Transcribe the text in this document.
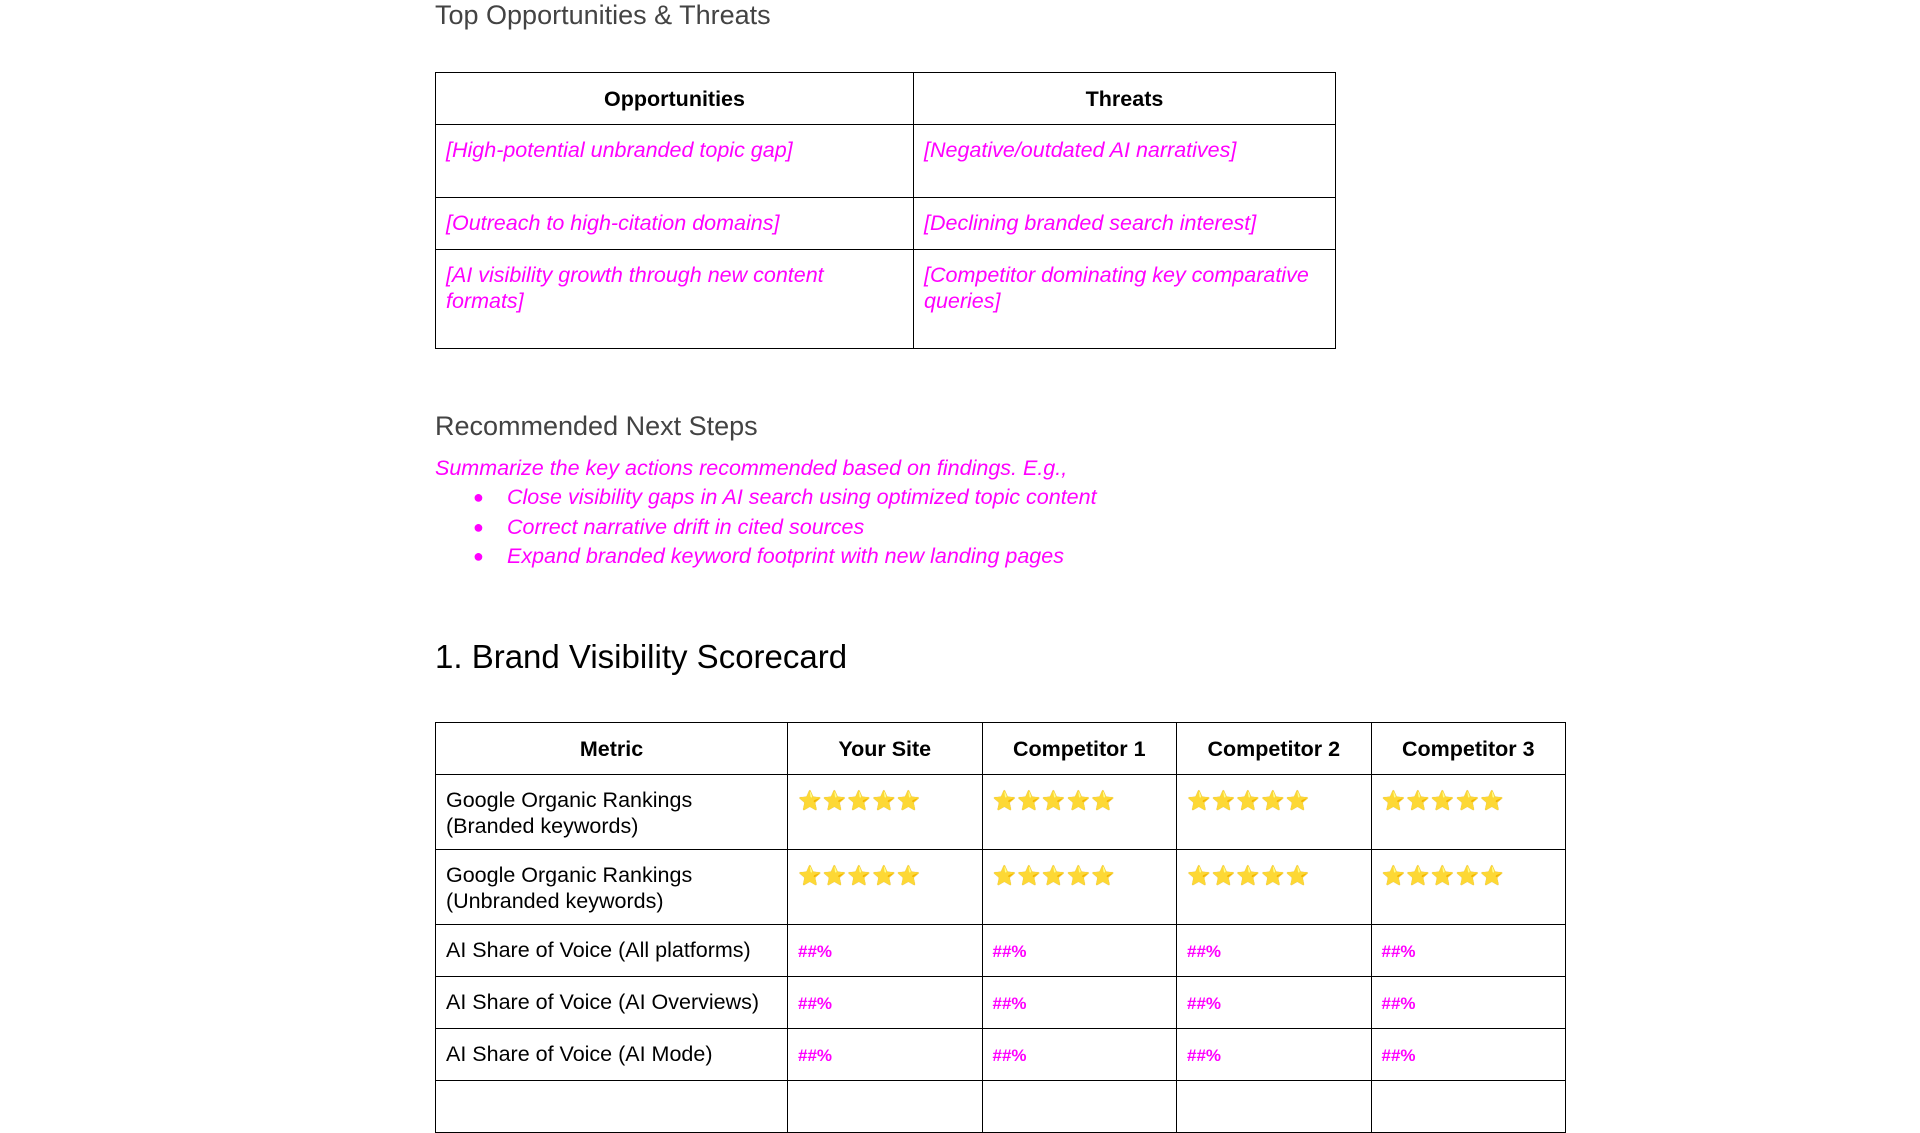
Top Opportunities & Threats
Opportunities	Threats
[High-potential unbranded topic gap]	[Negative/outdated AI narratives]
[Outreach to high-citation domains]	[Declining branded search interest]
[AI visibility growth through new content formats]	[Competitor dominating key comparative queries]
Recommended Next Steps

Summarize the key actions recommended based on findings. E.g.,

● Close visibility gaps in AI search using optimized topic content
● Correct narrative drift in cited sources
● Expand branded keyword footprint with new landing pages
1. Brand Visibility Scorecard
Metric	Your Site	Competitor 1	Competitor 2	Competitor 3
Google Organic Rankings (Branded keywords)	⭐⭐⭐⭐⭐	⭐⭐⭐⭐⭐	⭐⭐⭐⭐⭐	⭐⭐⭐⭐⭐
Google Organic Rankings (Unbranded keywords)	⭐⭐⭐⭐⭐	⭐⭐⭐⭐⭐	⭐⭐⭐⭐⭐	⭐⭐⭐⭐⭐
AI Share of Voice (All platforms)	##%	##%	##%	##%
AI Share of Voice (AI Overviews)	##%	##%	##%	##%
AI Share of Voice (AI Mode)	##%	##%	##%	##%
